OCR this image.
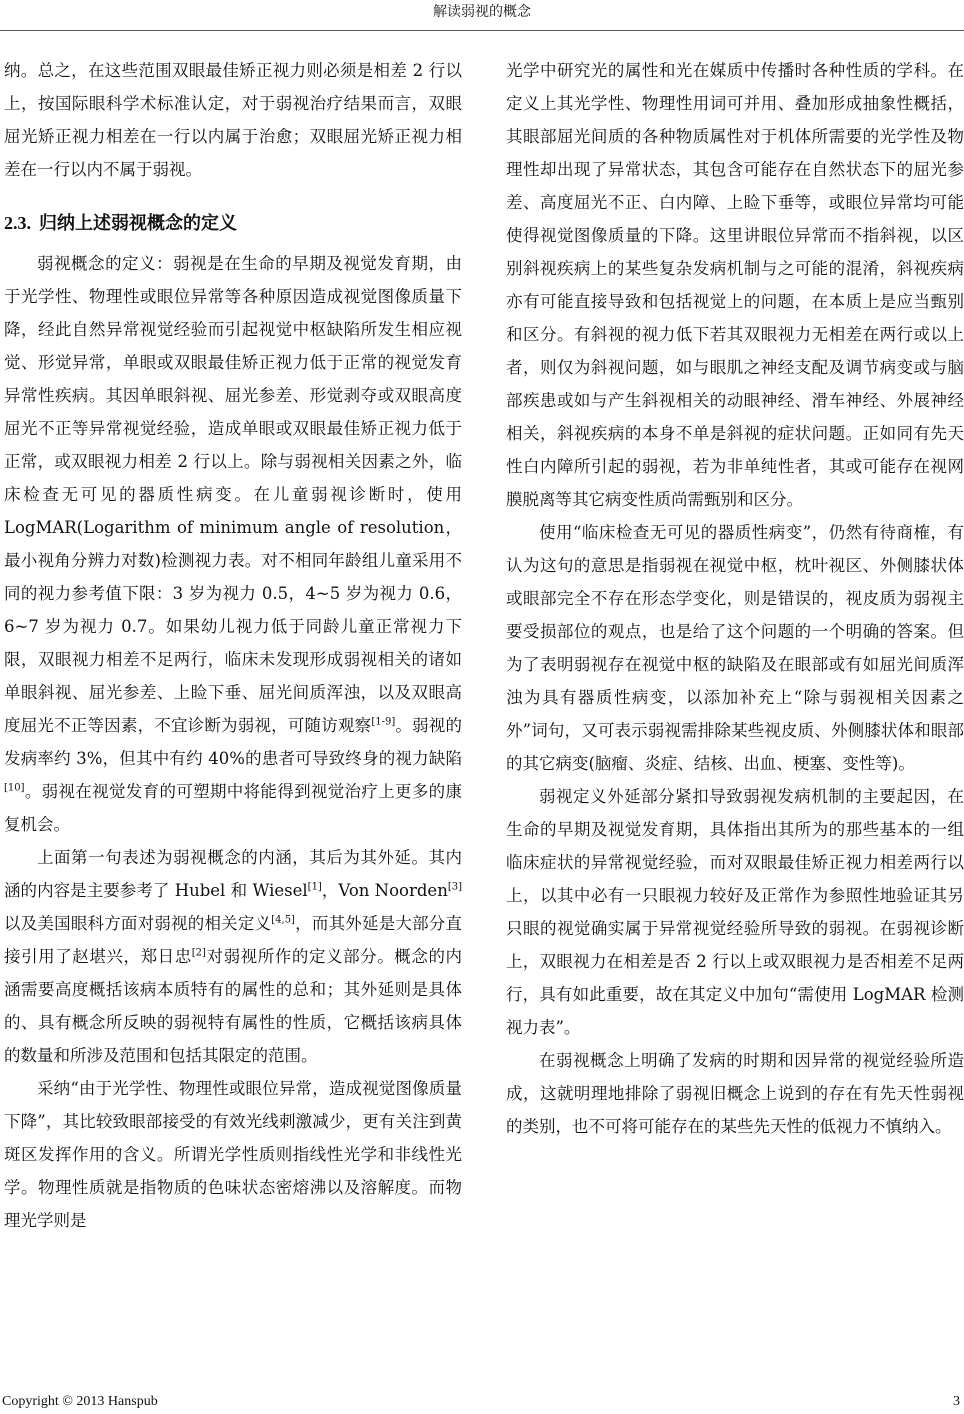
解读弱视的概念

纳。总之，在这些范围双眼最佳矫正视力则必须是相差 2 行以上，按国际眼科学术标准认定，对于弱视治疗结果而言，双眼屈光矫正视力相差在一行以内属于治愈；双眼屈光矫正视力相差在一行以内不属于弱视。

2.3. 归纳上述弱视概念的定义

弱视概念的定义：弱视是在生命的早期及视觉发育期，由于光学性、物理性或眼位异常等各种原因造成视觉图像质量下降，经此自然异常视觉经验而引起视觉中枢缺陷所发生相应视觉、形觉异常，单眼或双眼最佳矫正视力低于正常的视觉发育异常性疾病。其因单眼斜视、屈光参差、形觉剥夺或双眼高度屈光不正等异常视觉经验，造成单眼或双眼最佳矫正视力低于正常，或双眼视力相差 2 行以上。除与弱视相关因素之外，临床检查无可见的器质性病变。在儿童弱视诊断时，使用 LogMAR(Logarithm of minimum angle of resolution，最小视角分辨力对数)检测视力表。对不相同年龄组儿童采用不同的视力参考值下限：3 岁为视力 0.5，4~5 岁为视力 0.6，6~7 岁为视力 0.7。如果幼儿视力低于同龄儿童正常视力下限，双眼视力相差不足两行，临床未发现形成弱视相关的诸如单眼斜视、屈光参差、上睑下垂、屈光间质浑浊，以及双眼高度屈光不正等因素，不宜诊断为弱视，可随访观察[1-9]。弱视的发病率约 3%，但其中有约 40%的患者可导致终身的视力缺陷[10]。弱视在视觉发育的可塑期中将能得到视觉治疗上更多的康复机会。

上面第一句表述为弱视概念的内涵，其后为其外延。其内涵的内容是主要参考了 Hubel 和 Wiesel[1]，Von Noorden[3]以及美国眼科方面对弱视的相关定义[4,5]，而其外延是大部分直接引用了赵堪兴，郑日忠[2]对弱视所作的定义部分。概念的内涵需要高度概括该病本质特有的属性的总和；其外延则是具体的、具有概念所反映的弱视特有属性的性质，它概括该病具体的数量和所涉及范围和包括其限定的范围。

采纳“由于光学性、物理性或眼位异常，造成视觉图像质量下降”，其比较致眼部接受的有效光线刺激减少，更有关注到黄斑区发挥作用的含义。所谓光学性质则指线性光学和非线性光学。物理性质就是指物质的色味状态密熔沸以及溶解度。而物理光学则是

光学中研究光的属性和光在媒质中传播时各种性质的学科。在定义上其光学性、物理性用词可并用、叠加形成抽象性概括，其眼部屈光间质的各种物质属性对于机体所需要的光学性及物理性却出现了异常状态，其包含可能存在自然状态下的屈光参差、高度屈光不正、白内障、上睑下垂等，或眼位异常均可能使得视觉图像质量的下降。这里讲眼位异常而不指斜视，以区别斜视疾病上的某些复杂发病机制与之可能的混淆，斜视疾病亦有可能直接导致和包括视觉上的问题，在本质上是应当甄别和区分。有斜视的视力低下若其双眼视力无相差在两行或以上者，则仅为斜视问题，如与眼肌之神经支配及调节病变或与脑部疾患或如与产生斜视相关的动眼神经、滑车神经、外展神经相关，斜视疾病的本身不单是斜视的症状问题。正如同有先天性白内障所引起的弱视，若为非单纯性者，其或可能存在视网膜脱离等其它病变性质尚需甄别和区分。

使用“临床检查无可见的器质性病变”，仍然有待商榷，有认为这句的意思是指弱视在视觉中枢，枕叶视区、外侧膝状体或眼部完全不存在形态学变化，则是错误的，视皮质为弱视主要受损部位的观点，也是给了这个问题的一个明确的答案。但为了表明弱视存在视觉中枢的缺陷及在眼部或有如屈光间质浑浊为具有器质性病变，以添加补充上“除与弱视相关因素之外”词句，又可表示弱视需排除某些视皮质、外侧膝状体和眼部的其它病变(脑瘤、炎症、结核、出血、梗塞、变性等)。

弱视定义外延部分紧扣导致弱视发病机制的主要起因，在生命的早期及视觉发育期，具体指出其所为的那些基本的一组临床症状的异常视觉经验，而对双眼最佳矫正视力相差两行以上，以其中必有一只眼视力较好及正常作为参照性地验证其另只眼的视觉确实属于异常视觉经验所导致的弱视。在弱视诊断上，双眼视力在相差是否 2 行以上或双眼视力是否相差不足两行，具有如此重要，故在其定义中加句“需使用 LogMAR 检测视力表”。

在弱视概念上明确了发病的时期和因异常的视觉经验所造成，这就明理地排除了弱视旧概念上说到的存在有先天性弱视的类别，也不可将可能存在的某些先天性的低视力不慎纳入。

Copyright © 2013 Hanspub	3
